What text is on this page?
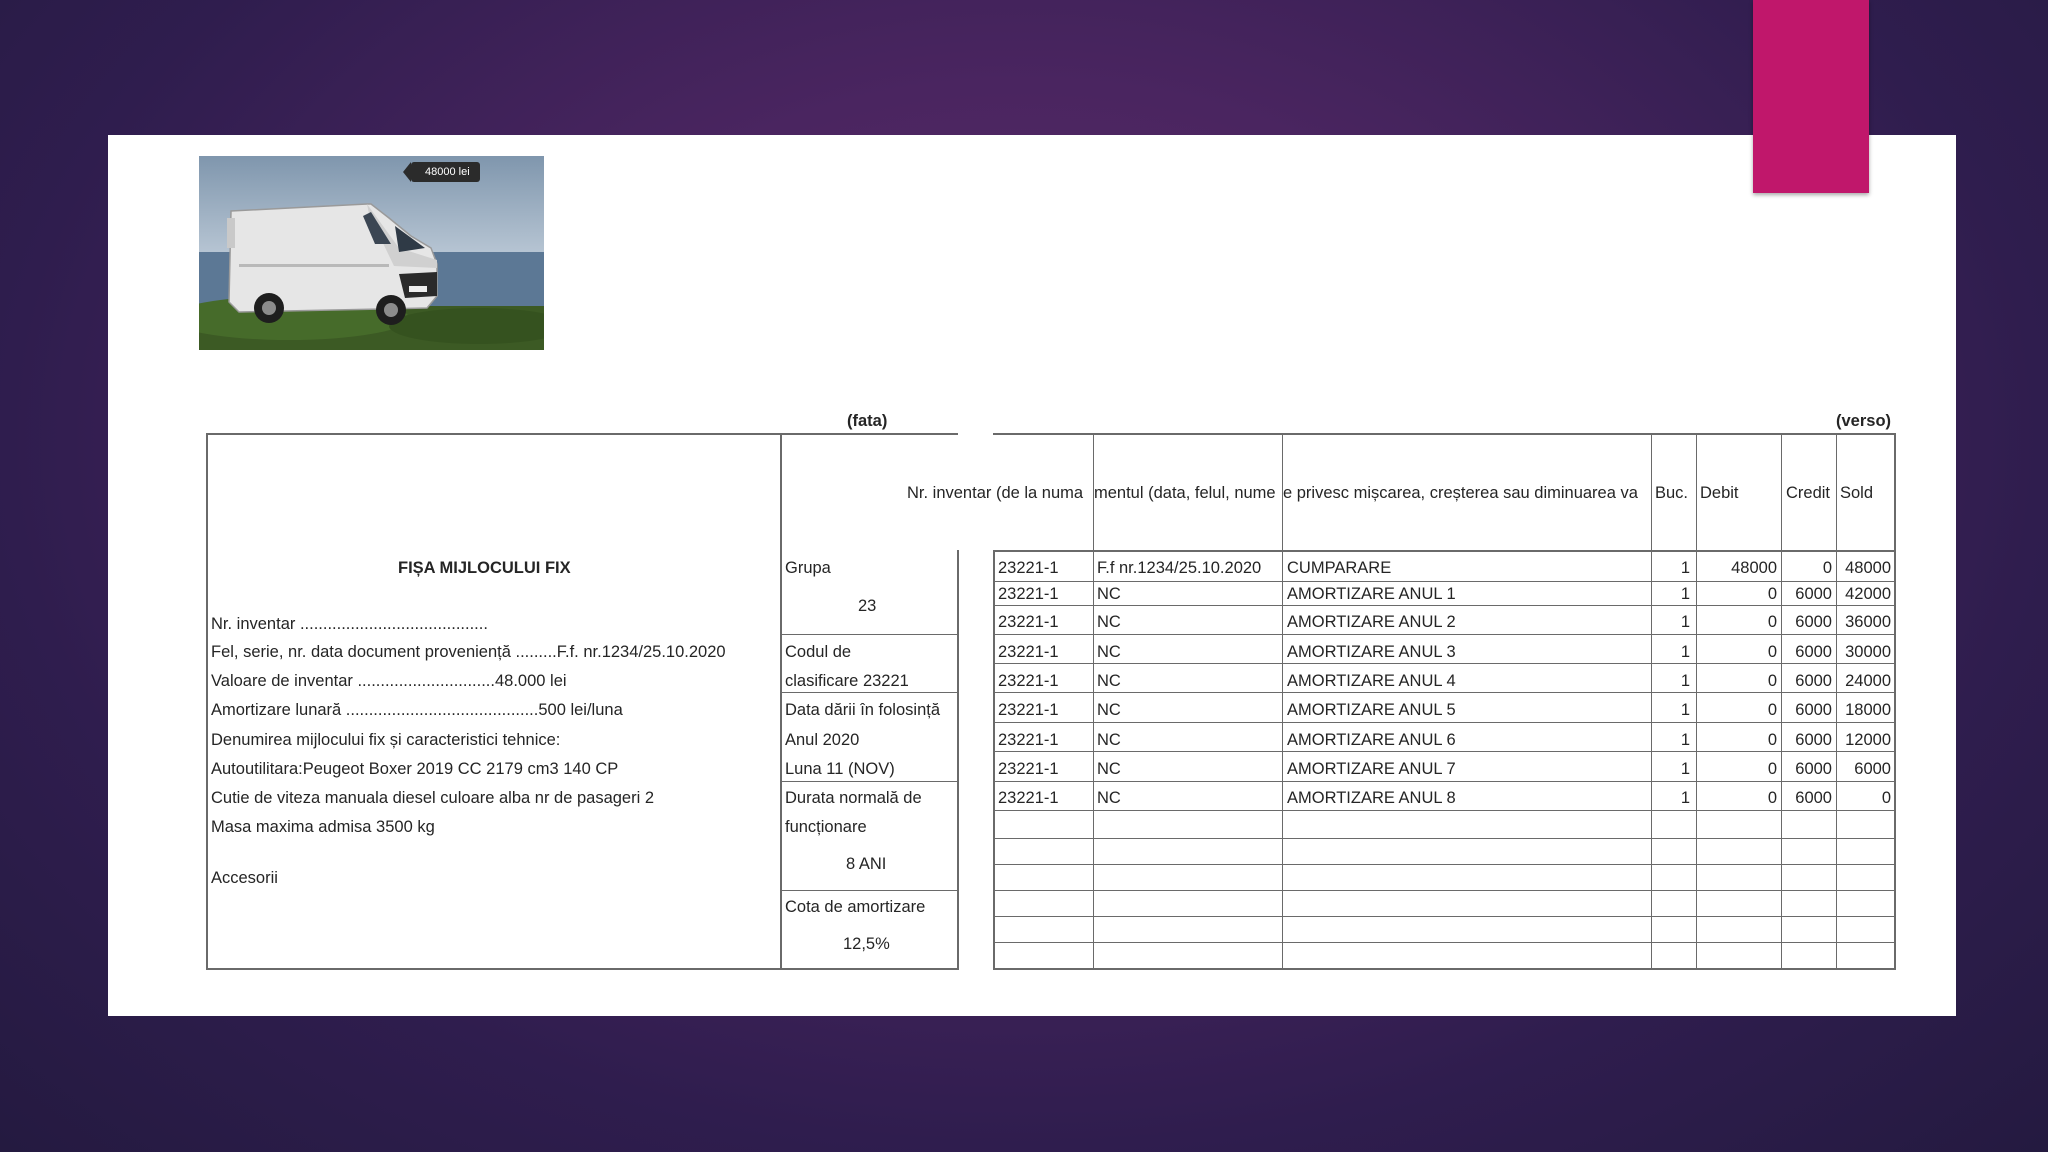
48000 lei
(fata)	(verso)
FIȘA MIJLOCULUI FIX
Nr. inventar .........................................
Fel, serie, nr. data document proveniență .........F.f. nr.1234/25.10.2020
Valoare de inventar ..............................48.000 lei
Amortizare lunară ..........................................500 lei/luna
Denumirea mijlocului fix și caracteristici tehnice:
Autoutilitara:Peugeot Boxer 2019 CC 2179 cm3 140 CP
Cutie de viteza manuala diesel culoare alba nr de pasageri 2
Masa maxima admisa 3500 kg
Accesorii
Grupa
23
Codul de
clasificare 23221
Data dării în folosință
Anul 2020
Luna 11 (NOV)
Durata normală de
funcționare
8 ANI
Cota de amortizare
12,5%
Nr. inventar (de la numa mentul (data, felul, nume e privesc mișcarea, creșterea sau diminuarea va	Buc. Debit	Credit Sold
23221-1	F.f nr.1234/25.10.2020	CUMPARARE	1	48000	0 48000
23221-1	NC	AMORTIZARE ANUL 1	1	0	6000 42000
23221-1	NC	AMORTIZARE ANUL 2	1	0	6000 36000
23221-1	NC	AMORTIZARE ANUL 3	1	0	6000 30000
23221-1	NC	AMORTIZARE ANUL 4	1	0	6000 24000
23221-1	NC	AMORTIZARE ANUL 5	1	0	6000 18000
23221-1	NC	AMORTIZARE ANUL 6	1	0	6000 12000
23221-1	NC	AMORTIZARE ANUL 7	1	0	6000	6000
23221-1	NC	AMORTIZARE ANUL 8	1	0	6000	0
